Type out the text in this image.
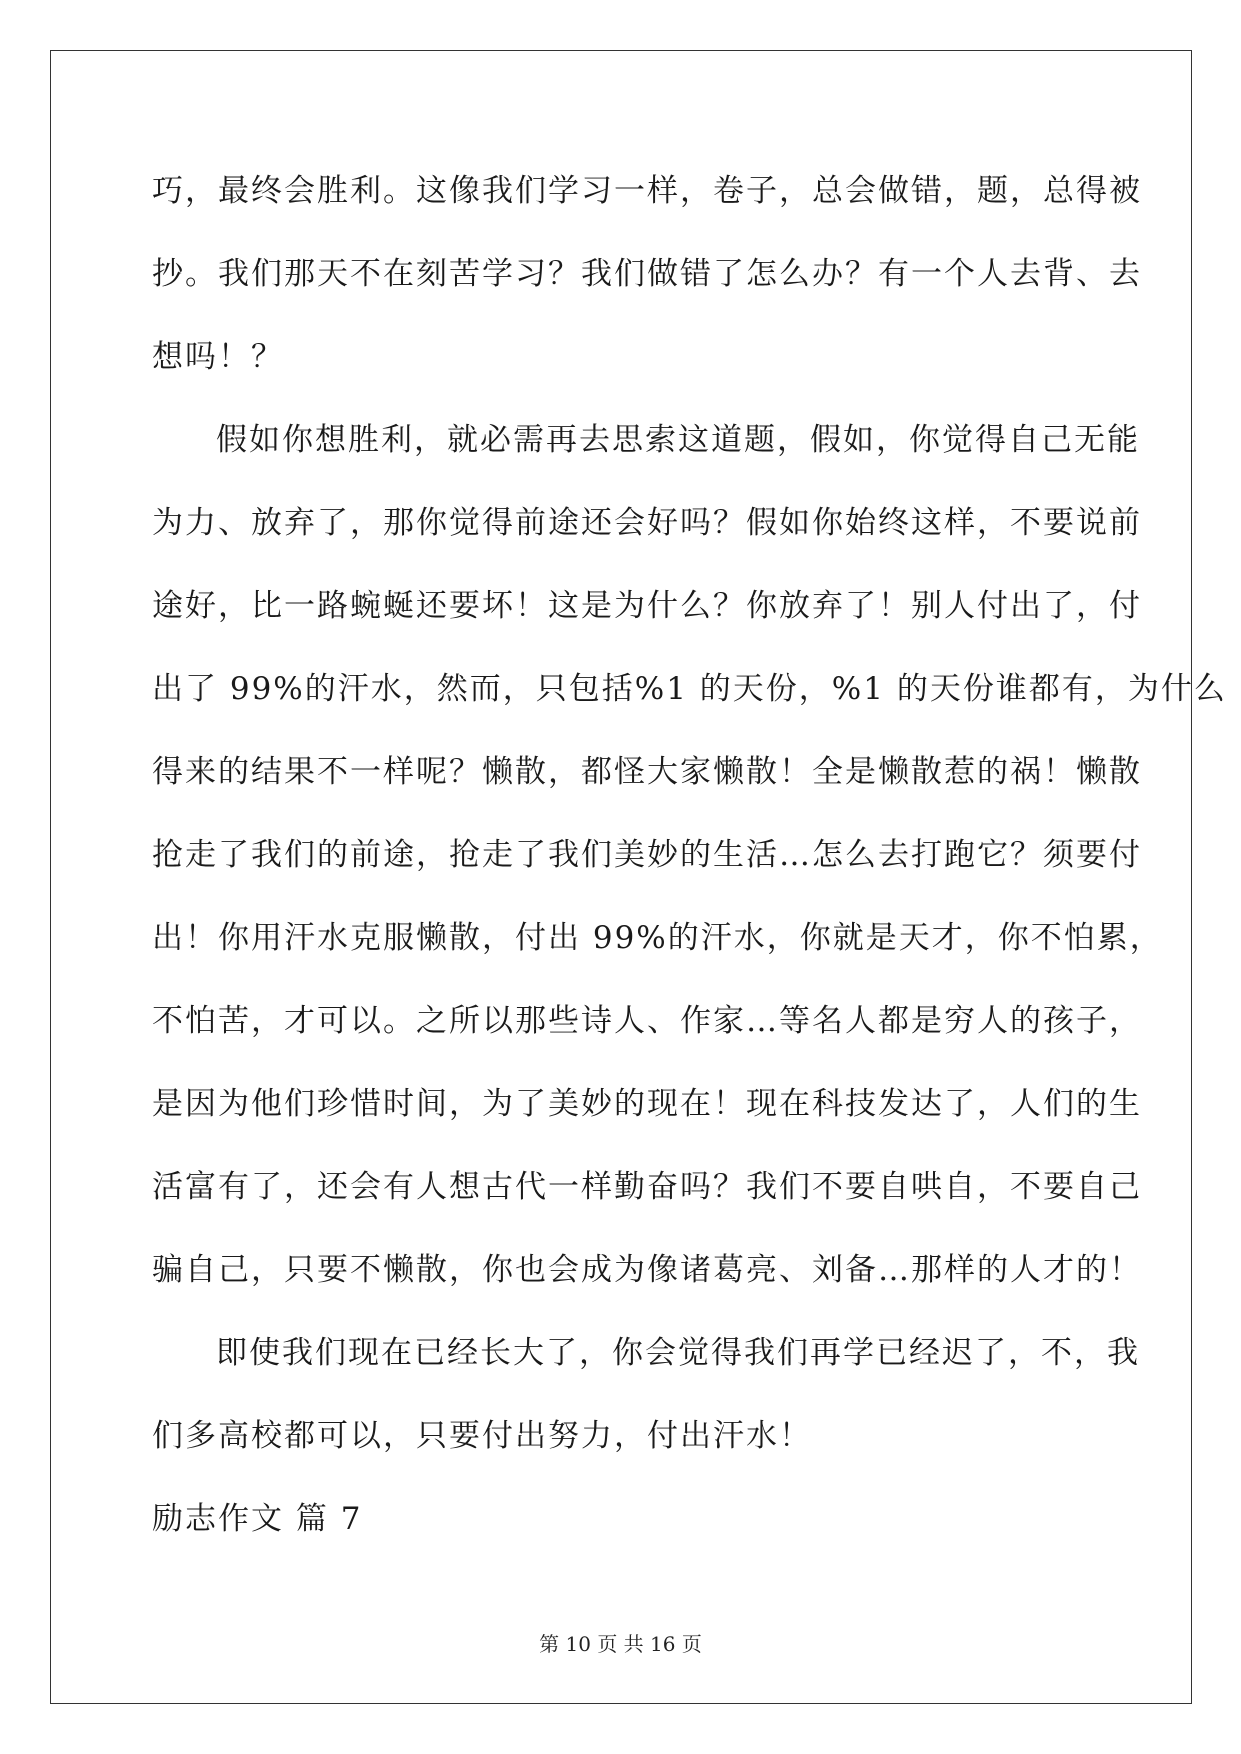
巧，最终会胜利。这像我们学习一样，卷子，总会做错，题，总得被
抄。我们那天不在刻苦学习？我们做错了怎么办？有一个人去背、去
想吗！？
假如你想胜利，就必需再去思索这道题，假如，你觉得自己无能
为力、放弃了，那你觉得前途还会好吗？假如你始终这样，不要说前
途好，比一路蜿蜒还要坏！这是为什么？你放弃了！别人付出了，付
出了 99%的汗水，然而，只包括%1 的天份，%1 的天份谁都有，为什么
得来的结果不一样呢？懒散，都怪大家懒散！全是懒散惹的祸！懒散
抢走了我们的前途，抢走了我们美妙的生活…怎么去打跑它？须要付
出！你用汗水克服懒散，付出 99%的汗水，你就是天才，你不怕累，
不怕苦，才可以。之所以那些诗人、作家…等名人都是穷人的孩子，
是因为他们珍惜时间，为了美妙的现在！现在科技发达了，人们的生
活富有了，还会有人想古代一样勤奋吗？我们不要自哄自，不要自己
骗自己，只要不懒散，你也会成为像诸葛亮、刘备…那样的人才的！
即使我们现在已经长大了，你会觉得我们再学已经迟了，不，我
们多高校都可以，只要付出努力，付出汗水！
励志作文 篇 7
第 10 页 共 16 页
